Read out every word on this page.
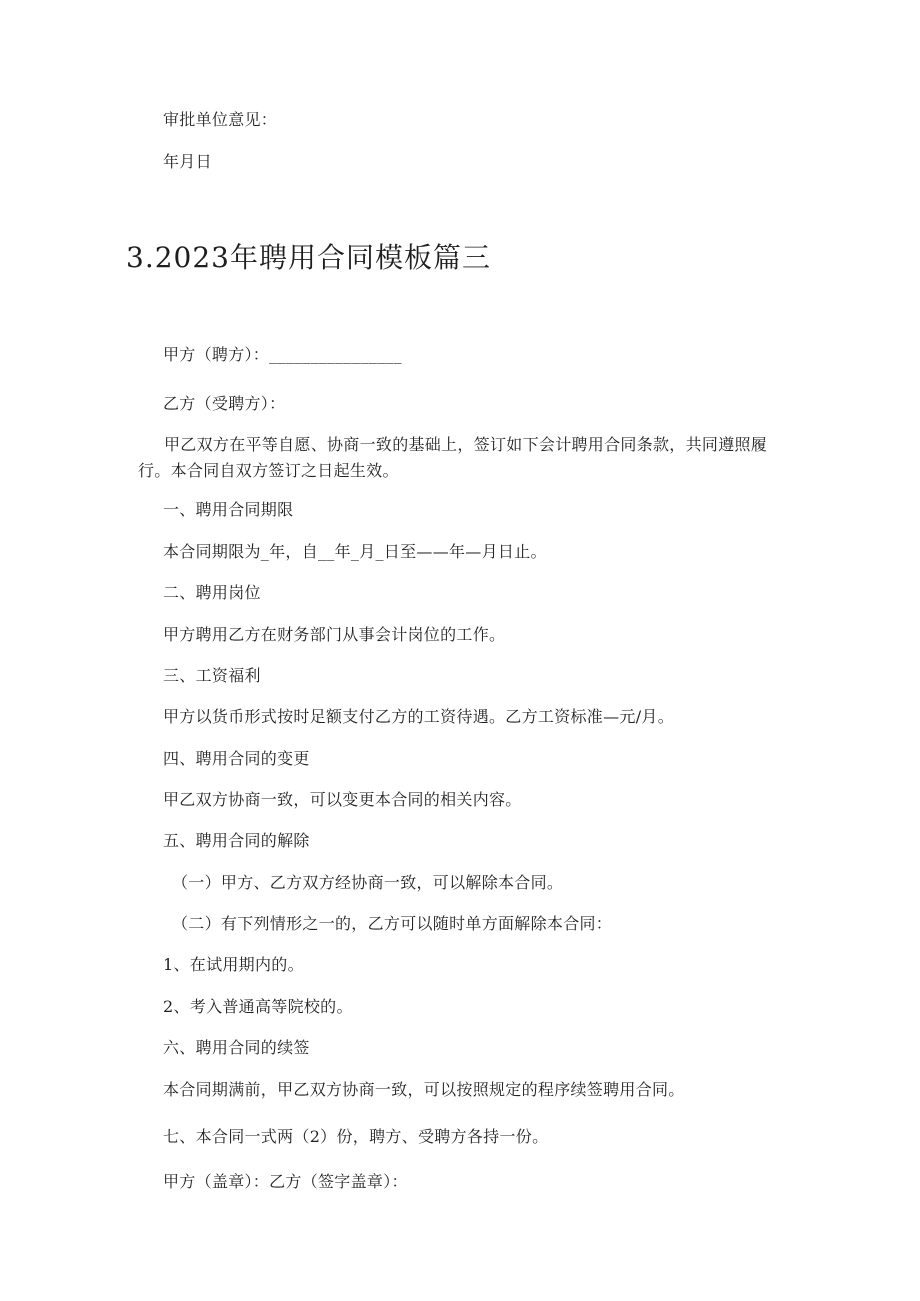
审批单位意见：
年月日
3.2023年聘用合同模板篇三
甲方（聘方）：________________
乙方（受聘方）：
甲乙双方在平等自愿、协商一致的基础上，签订如下会计聘用合同条款，共同遵照履行。本合同自双方签订之日起生效。
一、聘用合同期限
本合同期限为_年，自__年_月_日至——年—月日止。
二、聘用岗位
甲方聘用乙方在财务部门从事会计岗位的工作。
三、工资福利
甲方以货币形式按时足额支付乙方的工资待遇。乙方工资标准—元/月。
四、聘用合同的变更
甲乙双方协商一致，可以变更本合同的相关内容。
五、聘用合同的解除
（一）甲方、乙方双方经协商一致，可以解除本合同。
（二）有下列情形之一的，乙方可以随时单方面解除本合同：
1、在试用期内的。
2、考入普通高等院校的。
六、聘用合同的续签
本合同期满前，甲乙双方协商一致，可以按照规定的程序续签聘用合同。
七、本合同一式两（2）份，聘方、受聘方各持一份。
甲方（盖章）：乙方（签字盖章）：
